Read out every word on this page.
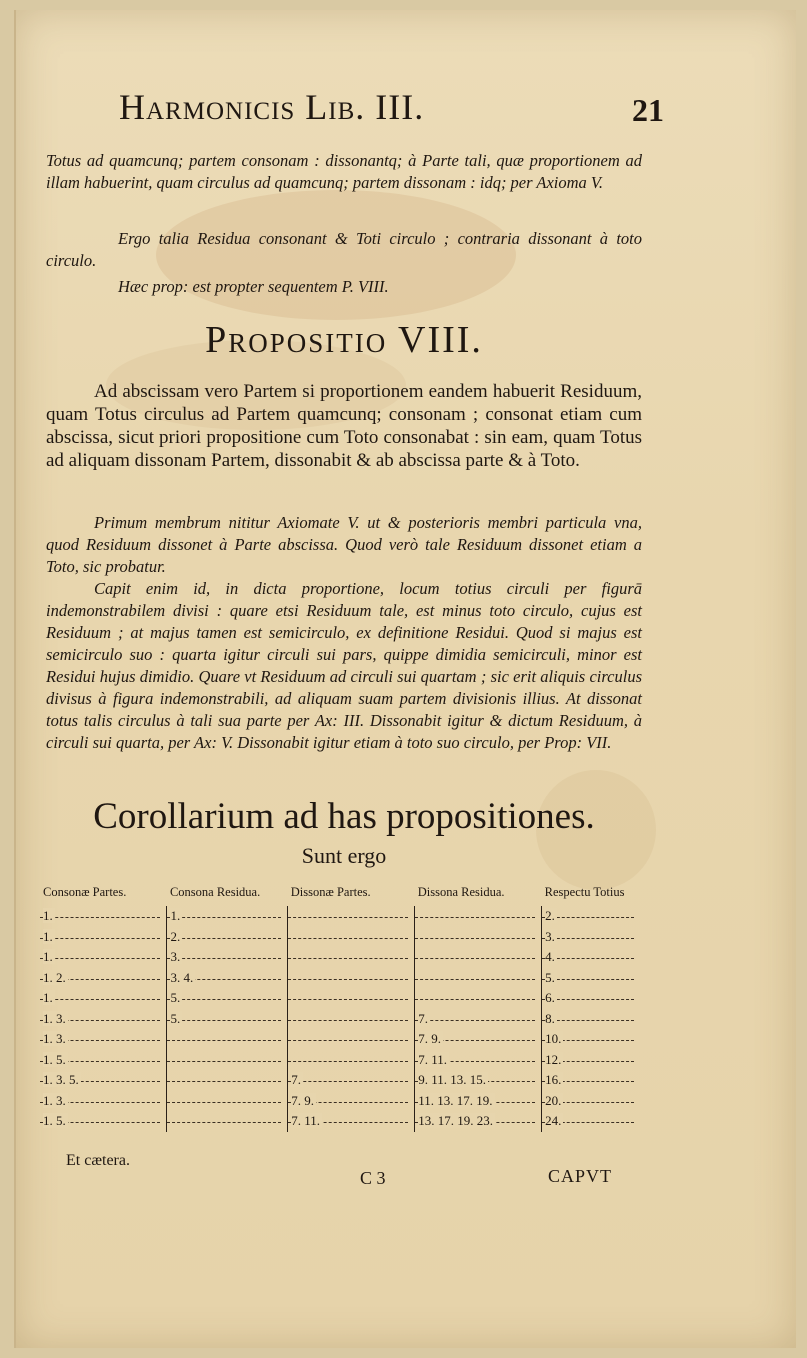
Harmonicis Lib. III.	21
Totus ad quamcunq; partem consonam : dissonantq; à Parte tali, quæ proportionem ad illam habuerint, quam circulus ad quamcunq; partem dissonam : idq; per Axioma V.
Ergo talia Residua consonant & Toti circulo ; contraria dissonant à toto circulo.
Hæc prop: est propter sequentem P. VIII.
Propositio VIII.
Ad abscissam vero Partem si proportionem eandem habuerit Residuum, quam Totus circulus ad Partem quamcunq; consonam ; consonat etiam cum abscissa, sicut priori propositione cum Toto consonabat : sin eam, quam Totus ad aliquam dissonam Partem, dissonabit & ab abscissa parte & à Toto.
Primum membrum nititur Axiomate V. ut & posterioris membri particula vna, quod Residuum dissonet à Parte abscissa. Quod verò tale Residuum dissonet etiam a Toto, sic probatur.
Capit enim id, in dicta proportione, locum totius circuli per figurā indemonstrabilem divisi : quare etsi Residuum tale, est minus toto circulo, cujus est Residuum ; at majus tamen est semicirculo, ex definitione Residui. Quod si majus est semicirculo suo : quarta igitur circuli sui pars, quippe dimidia semicirculi, minor est Residui hujus dimidio. Quare vt Residuum ad circuli sui quartam ; sic erit aliquis circulus divisus à figura indemonstrabili, ad aliquam suam partem divisionis illius. At dissonat totus talis circulus à tali sua parte per Ax: III. Dissonabit igitur & dictum Residuum, à circuli sui quarta, per Ax: V. Dissonabit igitur etiam à toto suo circulo, per Prop: VII.
Corollarium ad has propositiones.
Sunt ergo
Consonæ Partes.	Consona Residua.	Dissonæ Partes.	Dissona Residua.	Respectu Totius

1.	1.			2.

1.	2.			3.

1.	3.			4.

1. 2.	3. 4.			5.

1.	5.			6.

1. 3.	5.		7.	8.

1. 3.			7. 9.	10.

1. 5.			7. 11.	12.

1. 3. 5.		7.	9. 11. 13. 15.	16.

1. 3.		7. 9.	11. 13. 17. 19.	20.

1. 5.		7. 11.	13. 17. 19. 23.	24.
Et cætera.
C 3	CAPVT
